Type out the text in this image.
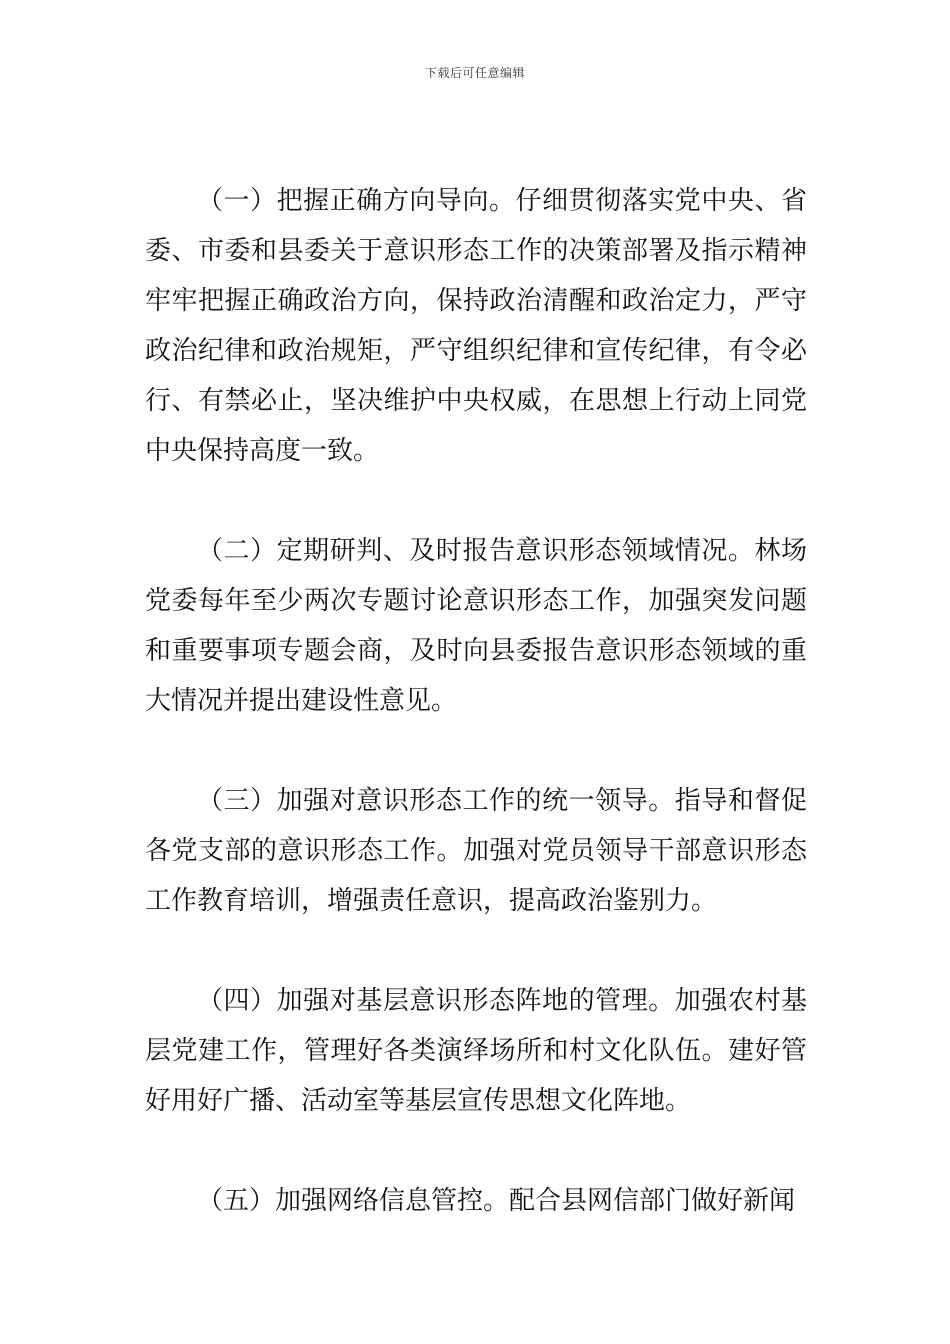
下载后可任意编辑

（一）把握正确方向导向。仔细贯彻落实党中央、省委、市委和县委关于意识形态工作的决策部署及指示精神牢牢把握正确政治方向，保持政治清醒和政治定力，严守政治纪律和政治规矩，严守组织纪律和宣传纪律，有令必行、有禁必止，坚决维护中央权威，在思想上行动上同党中央保持高度一致。

（二）定期研判、及时报告意识形态领域情况。林场党委每年至少两次专题讨论意识形态工作，加强突发问题和重要事项专题会商，及时向县委报告意识形态领域的重大情况并提出建设性意见。

（三）加强对意识形态工作的统一领导。指导和督促各党支部的意识形态工作。加强对党员领导干部意识形态工作教育培训，增强责任意识，提高政治鉴别力。

（四）加强对基层意识形态阵地的管理。加强农村基层党建工作，管理好各类演绎场所和村文化队伍。建好管好用好广播、活动室等基层宣传思想文化阵地。

（五）加强网络信息管控。配合县网信部门做好新闻
